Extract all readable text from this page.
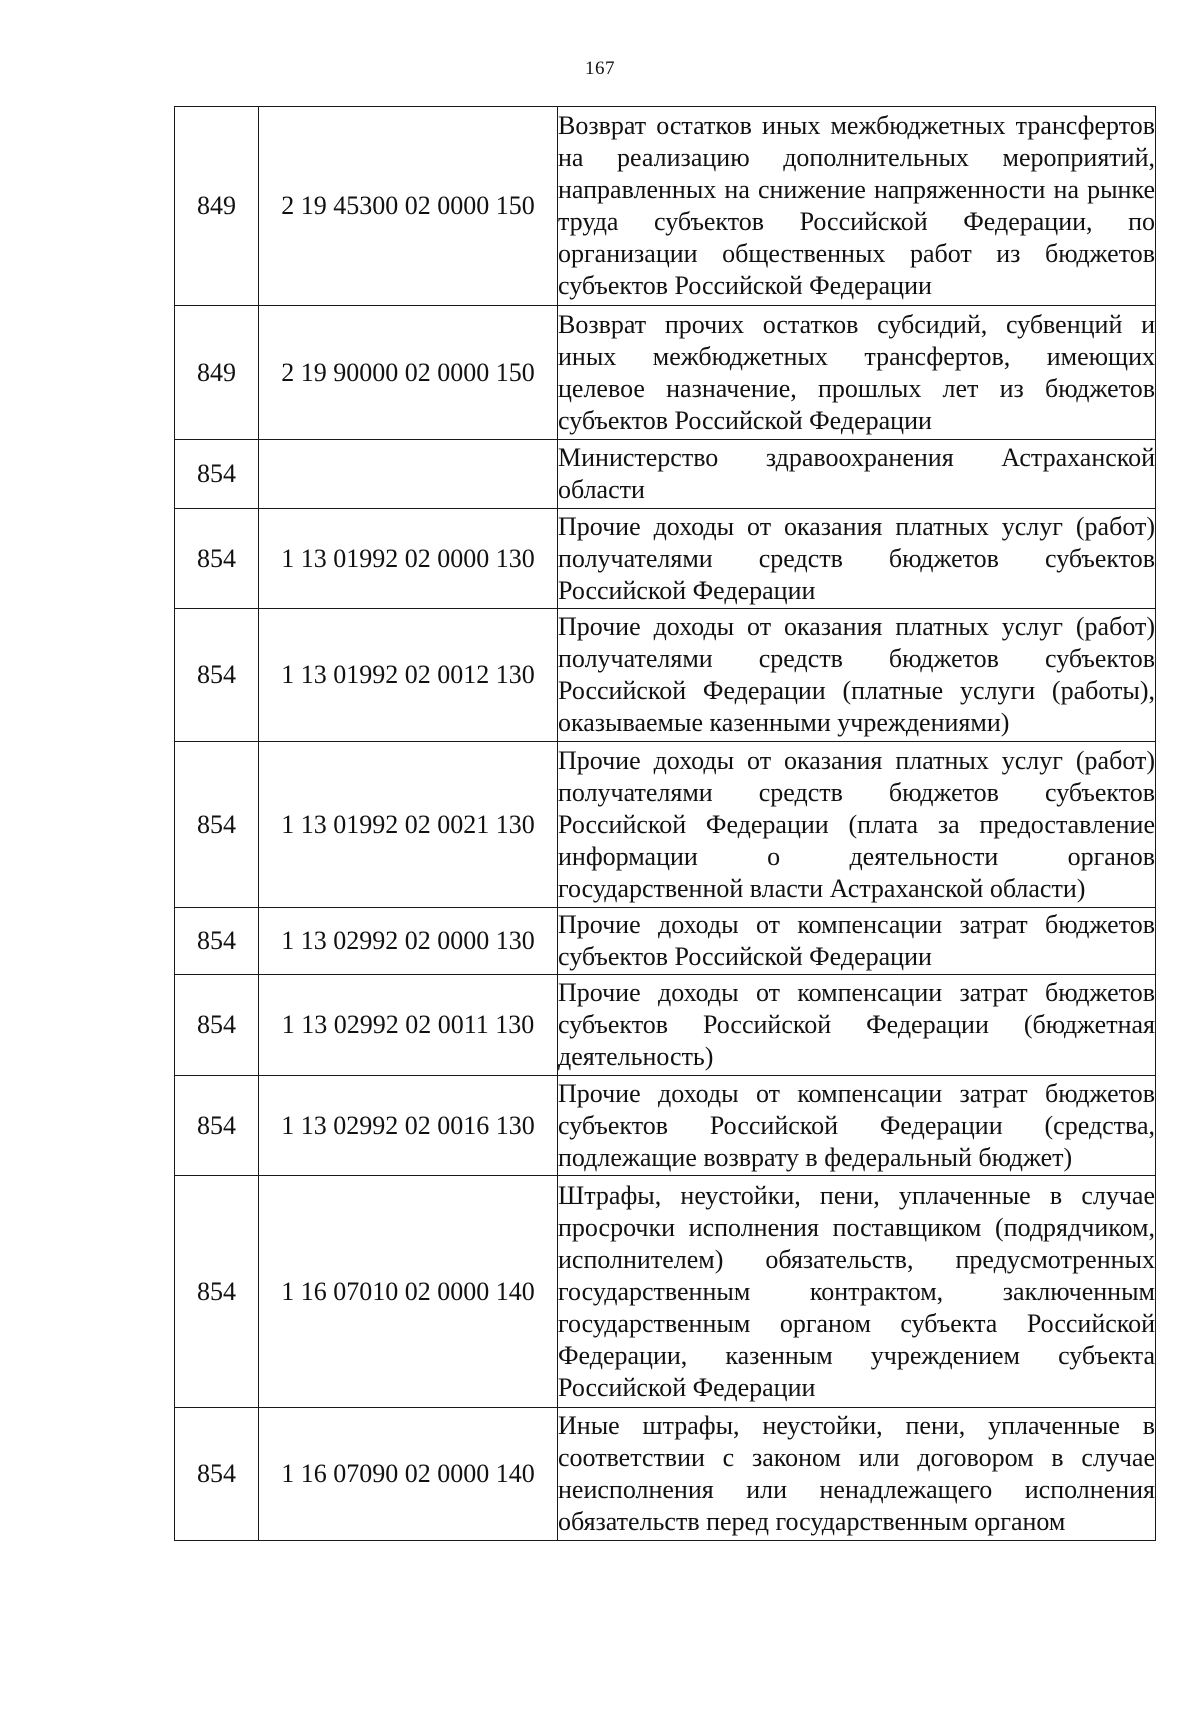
167
849	2 19 45300 02 0000 150	Возврат остатков иных межбюджетных трансфертов на реализацию дополнительных мероприятий, направленных на снижение напряженности на рынке труда субъектов Российской Федерации, по организации общественных работ из бюджетов субъектов Российской Федерации
849	2 19 90000 02 0000 150	Возврат прочих остатков субсидий, субвенций и иных межбюджетных трансфертов, имеющих целевое назначение, прошлых лет из бюджетов субъектов Российской Федерации
854		Министерство здравоохранения Астраханской области
854	1 13 01992 02 0000 130	Прочие доходы от оказания платных услуг (работ) получателями средств бюджетов субъектов Российской Федерации
854	1 13 01992 02 0012 130	Прочие доходы от оказания платных услуг (работ) получателями средств бюджетов субъектов Российской Федерации (платные услуги (работы), оказываемые казенными учреждениями)
854	1 13 01992 02 0021 130	Прочие доходы от оказания платных услуг (работ) получателями средств бюджетов субъектов Российской Федерации (плата за предоставление информации о деятельности органов государственной власти Астраханской области)
854	1 13 02992 02 0000 130	Прочие доходы от компенсации затрат бюджетов субъектов Российской Федерации
854	1 13 02992 02 0011 130	Прочие доходы от компенсации затрат бюджетов субъектов Российской Федерации (бюджетная деятельность)
854	1 13 02992 02 0016 130	Прочие доходы от компенсации затрат бюджетов субъектов Российской Федерации (средства, подлежащие возврату в федеральный бюджет)
854	1 16 07010 02 0000 140	Штрафы, неустойки, пени, уплаченные в случае просрочки исполнения поставщиком (подрядчиком, исполнителем) обязательств, предусмотренных государственным контрактом, заключенным государственным органом субъекта Российской Федерации, казенным учреждением субъекта Российской Федерации
854	1 16 07090 02 0000 140	Иные штрафы, неустойки, пени, уплаченные в соответствии с законом или договором в случае неисполнения или ненадлежащего исполнения обязательств перед государственным органом
